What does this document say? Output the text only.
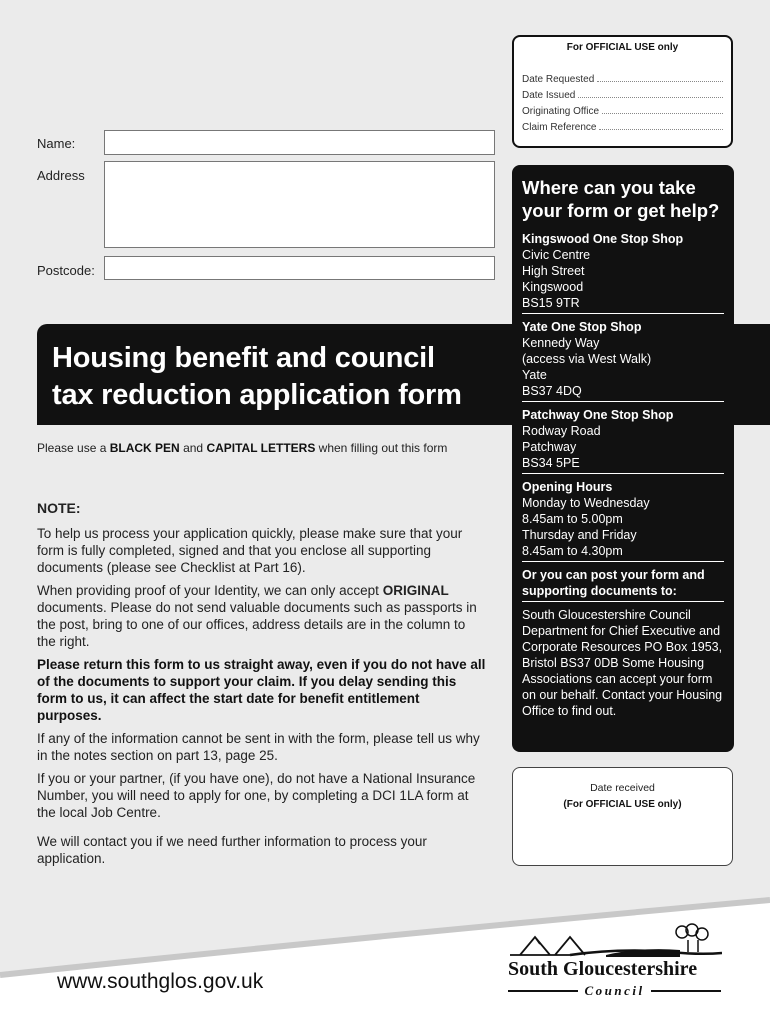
For OFFICIAL USE only
Date Requested
Date Issued
Originating Office
Claim Reference
Name:
Address
Postcode:
Housing benefit and council
tax reduction application form
Please use a BLACK PEN and CAPITAL LETTERS when filling out this form
NOTE:

To help us process your application quickly, please make sure that your form is fully completed, signed and that you enclose all supporting documents (please see Checklist at Part 16).

When providing proof of your Identity, we can only accept ORIGINAL documents. Please do not send valuable documents such as passports in the post, bring to one of our offices, address details are in the column to the right.

Please return this form to us straight away, even if you do not have all of the documents to support your claim. If you delay sending this form to us, it can affect the start date for benefit entitlement purposes.

If any of the information cannot be sent in with the form, please tell us why in the notes section on part 13, page 25.

If you or your partner, (if you have one), do not have a National Insurance Number, you will need to apply for one, by completing a DCI 1LA form at the local Job Centre.

We will contact you if we need further information to process your application.

Where can you take your form or get help?
Kingswood One Stop Shop
Civic Centre
High Street
Kingswood
BS15 9TR
Yate One Stop Shop
Kennedy Way
(access via West Walk)
Yate
BS37 4DQ
Patchway One Stop Shop
Rodway Road
Patchway
BS34 5PE
Opening Hours
Monday to Wednesday
8.45am to 5.00pm
Thursday and Friday
8.45am to 4.30pm
Or you can post your form and supporting documents to:
South Gloucestershire Council Department for Chief Executive and Corporate Resources PO Box 1953, Bristol BS37 0DB Some Housing Associations can accept your form on our behalf. Contact your Housing Office to find out.
Date received
(For OFFICIAL USE only)
www.southglos.gov.uk
South Gloucestershire
Council
